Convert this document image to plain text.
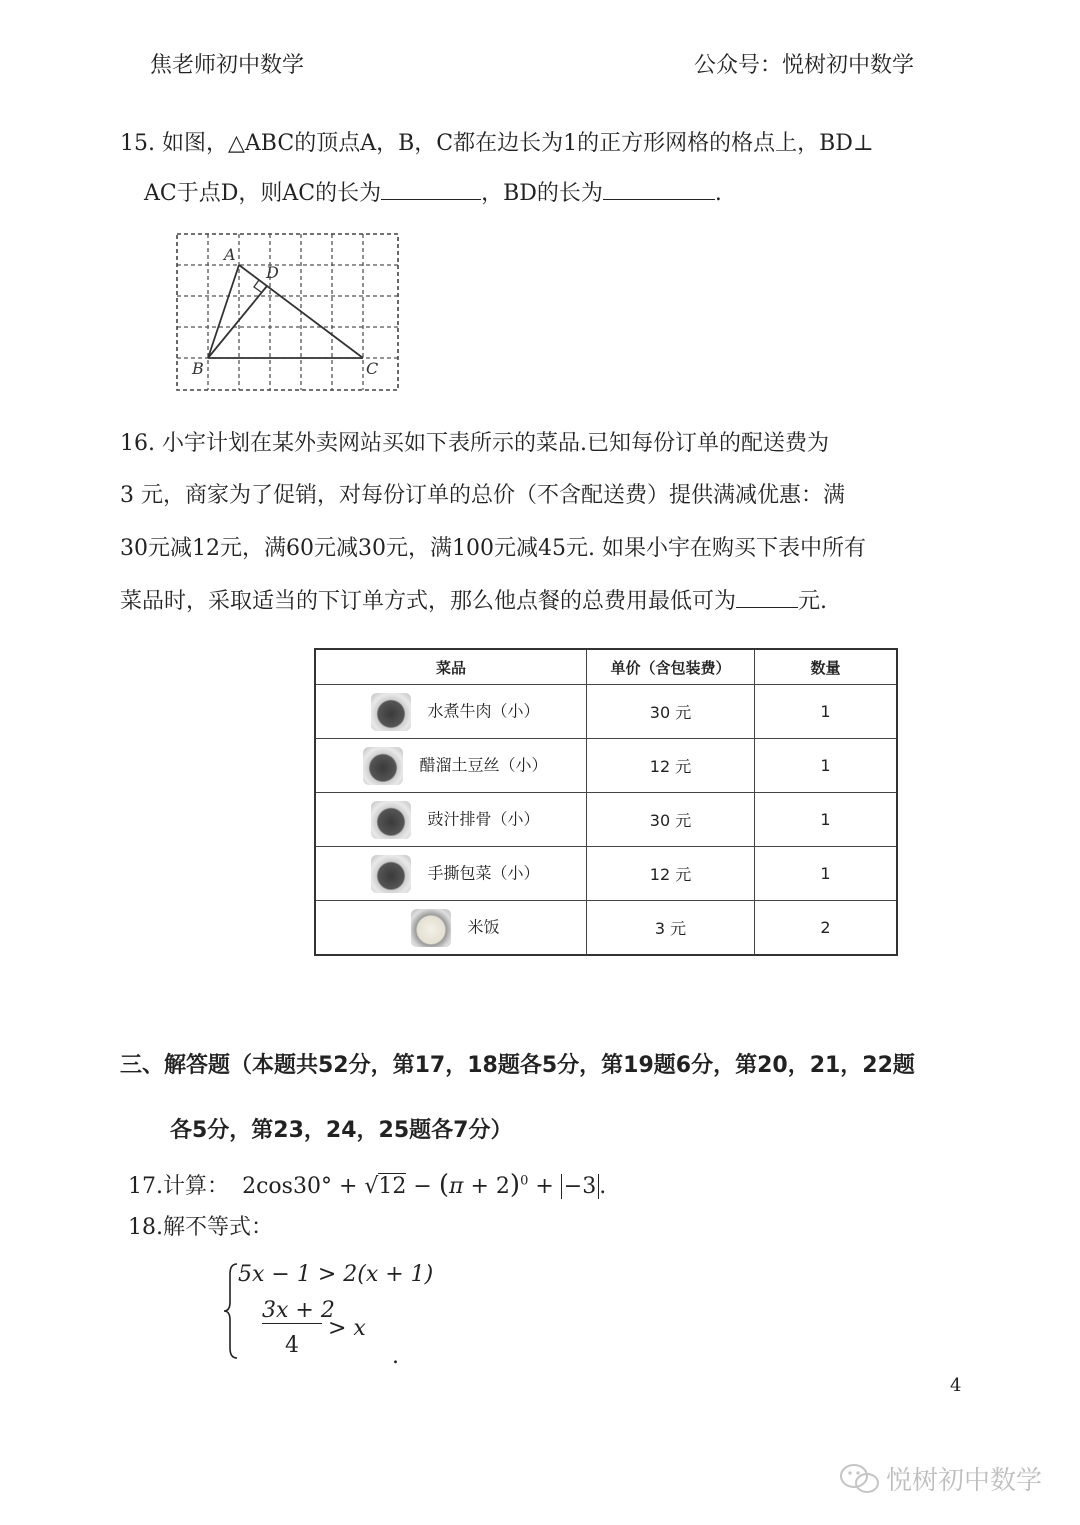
焦老师初中数学	公众号：悦树初中数学
15. 如图，△ABC的顶点A，B，C都在边长为1的正方形网格的格点上，BD⊥
AC于点D，则AC的长为	，BD的长为	.
A
D
B	C
16. 小宇计划在某外卖网站买如下表所示的菜品.已知每份订单的配送费为
3 元，商家为了促销，对每份订单的总价（不含配送费）提供满减优惠：满
30元减12元，满60元减30元，满100元减45元. 如果小宇在购买下表中所有
菜品时，采取适当的下订单方式，那么他点餐的总费用最低可为	元.
菜品	单价（含包装费）	数量
水煮牛肉（小）	30 元	1
醋溜土豆丝（小）	12 元	1
豉汁排骨（小）	30 元	1
手撕包菜（小）	12 元	1
米饭	3 元	2
三、解答题（本题共52分，第17，18题各5分，第19题6分，第20，21，22题
各5分，第23，24，25题各7分）
17.计算： $2\cos 30^\circ + √12 - (\pi + 2)^0 + -3$ .
18.解不等式：
5x − 1 > 2(x + 1)
3x + 2
4
> x
.
4
悦树初中数学
